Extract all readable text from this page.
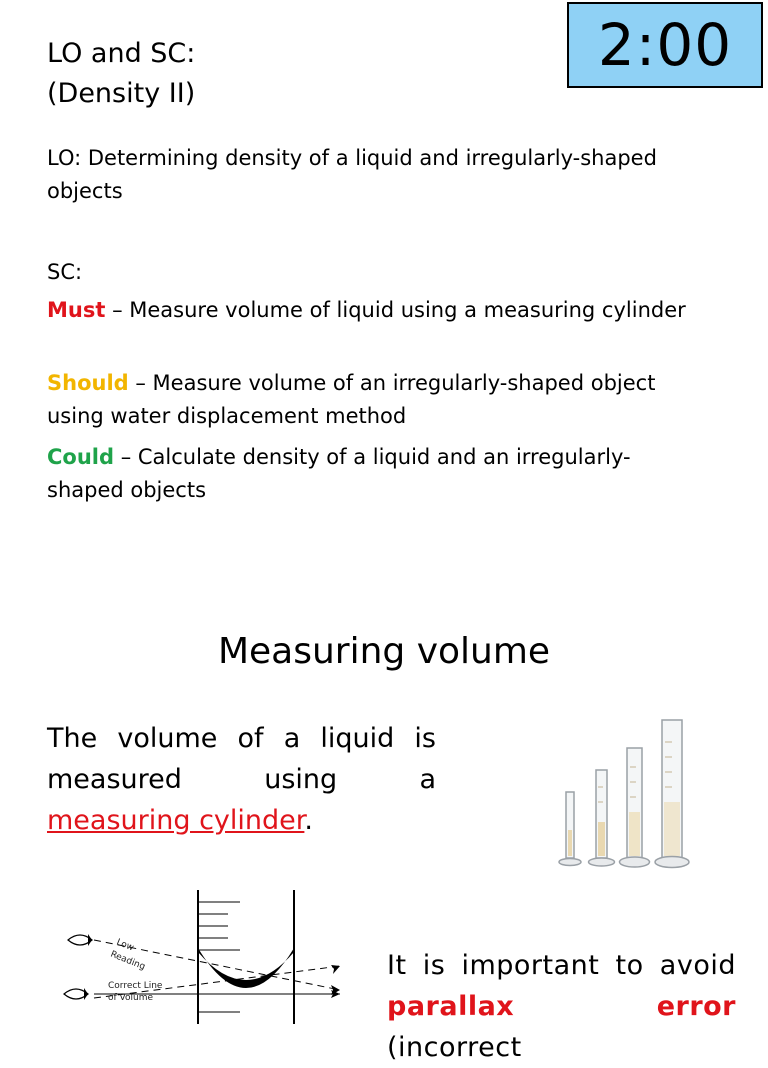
LO and SC:
(Density II)
2:00
LO: Determining density of a liquid and irregularly-shaped objects
SC:
Must – Measure volume of liquid using a measuring cylinder
Should – Measure volume of an irregularly-shaped object using water displacement method
Could – Calculate density of a liquid and an irregularly-shaped objects
Measuring volume
The volume of a liquid is measured using a measuring cylinder.
Low
Reading
Correct Line
of Volume
It is important to avoid parallax error (incorrect
